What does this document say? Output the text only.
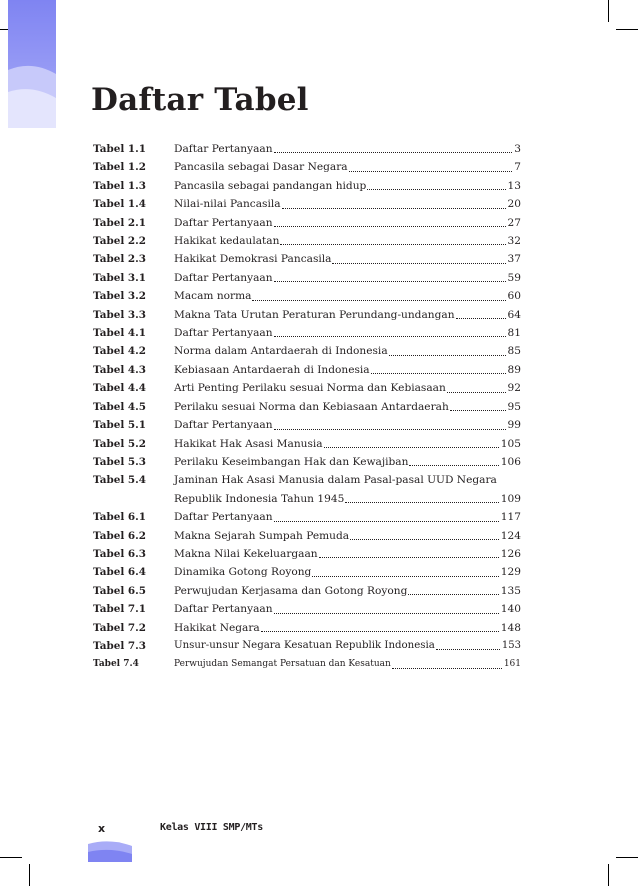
Daftar Tabel
Tabel 1.1	Daftar Pertanyaan	3
Tabel 1.2	Pancasila sebagai Dasar Negara	7
Tabel 1.3	Pancasila sebagai pandangan hidup	13
Tabel 1.4	Nilai-nilai Pancasila	20
Tabel 2.1	Daftar Pertanyaan	27
Tabel 2.2	Hakikat kedaulatan	32
Tabel 2.3	Hakikat Demokrasi Pancasila	37
Tabel 3.1	Daftar Pertanyaan	59
Tabel 3.2	Macam norma	60
Tabel 3.3	Makna Tata Urutan Peraturan Perundang-undangan	64
Tabel 4.1	Daftar Pertanyaan	81
Tabel 4.2	Norma dalam Antardaerah di Indonesia	85
Tabel 4.3	Kebiasaan Antardaerah di Indonesia	89
Tabel 4.4	Arti Penting Perilaku sesuai Norma dan Kebiasaan	92
Tabel 4.5	Perilaku sesuai Norma dan Kebiasaan Antardaerah	95
Tabel 5.1	Daftar Pertanyaan	99
Tabel 5.2	Hakikat Hak Asasi Manusia	105
Tabel 5.3	Perilaku Keseimbangan Hak dan Kewajiban	106
Tabel 5.4	Jaminan Hak Asasi Manusia dalam Pasal-pasal UUD Negara
Republik Indonesia Tahun 1945	109
Tabel 6.1	Daftar Pertanyaan	117
Tabel 6.2	Makna Sejarah Sumpah Pemuda	124
Tabel 6.3	Makna Nilai Kekeluargaan	126
Tabel 6.4	Dinamika Gotong Royong	129
Tabel 6.5	Perwujudan Kerjasama dan Gotong Royong	135
Tabel 7.1	Daftar Pertanyaan	140
Tabel 7.2	Hakikat Negara	148
Tabel 7.3	Unsur-unsur Negara Kesatuan Republik Indonesia	153
Tabel 7.4	Perwujudan Semangat Persatuan dan Kesatuan	161
x	Kelas VIII SMP/MTs
